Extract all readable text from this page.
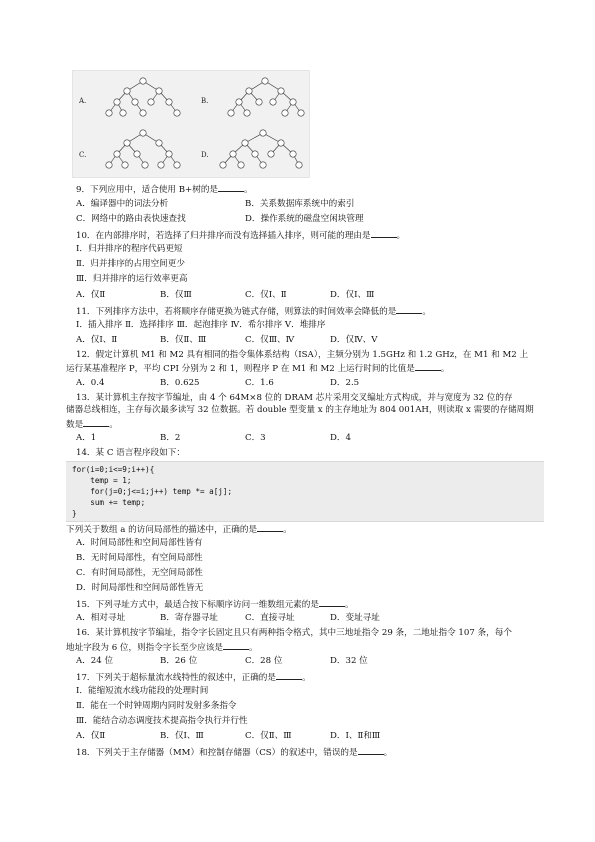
A.	B.
C.	D.
9．下列应用中，适合使用 B+树的是	。
A．编译器中的词法分析	B．关系数据库系统中的索引
C．网络中的路由表快速查找	D．操作系统的磁盘空闲块管理
10．在内部排序时，若选择了归并排序而没有选择插入排序，则可能的理由是	。
Ⅰ．归并排序的程序代码更短
Ⅱ．归并排序的占用空间更少
Ⅲ．归并排序的运行效率更高
A．仅Ⅱ	B．仅Ⅲ	C．仅Ⅰ、Ⅱ	D．仅Ⅰ、Ⅲ
11．下列排序方法中，若将顺序存储更换为链式存储，则算法的时间效率会降低的是	。
Ⅰ．插入排序 Ⅱ．选择排序 Ⅲ．起泡排序 Ⅳ．希尔排序 Ⅴ．堆排序
A．仅Ⅰ、Ⅱ	B．仅Ⅱ、Ⅲ	C．仅Ⅲ、Ⅳ	D．仅Ⅳ、Ⅴ
12．假定计算机 M1 和 M2 具有相同的指令集体系结构（ISA），主频分别为 1.5GHz 和 1.2 GHz，在 M1 和 M2 上
运行某基准程序 P，平均 CPI 分别为 2 和 1，则程序 P 在 M1 和 M2 上运行时间的比值是	。
A．0.4	B．0.625	C．1.6	D．2.5
13．某计算机主存按字节编址，由 4 个 64M×8 位的 DRAM 芯片采用交叉编址方式构成，并与宽度为 32 位的存
储器总线相连，主存每次最多读写 32 位数据。若 double 型变量 x 的主存地址为 804 001AH，则读取 x 需要的存储周期
数是	。
A．1	B．2	C．3	D．4
14．某 C 语言程序段如下：
for(i=0;i<=9;i++){
temp = 1;
for(j=0;j<=i;j++) temp *= a[j];
sum += temp;
}
下列关于数组 a 的访问局部性的描述中，正确的是	。
A．时间局部性和空间局部性皆有
B．无时间局部性，有空间局部性
C．有时间局部性，无空间局部性
D．时间局部性和空间局部性皆无
15．下列寻址方式中，最适合按下标顺序访问一维数组元素的是	。
A．相对寻址	B．寄存器寻址	C．直接寻址	D．变址寻址
16．某计算机按字节编址，指令字长固定且只有两种指令格式，其中三地址指令 29 条，二地址指令 107 条，每个
地址字段为 6 位，则指令字长至少应该是	。
A．24 位	B．26 位	C．28 位	D．32 位
17．下列关于超标量流水线特性的叙述中，正确的是	。
Ⅰ．能缩短流水线功能段的处理时间
Ⅱ．能在一个时钟周期内同时发射多条指令
Ⅲ．能结合动态调度技术提高指令执行并行性
A．仅Ⅱ	B．仅Ⅰ、Ⅲ	C．仅Ⅱ、Ⅲ	D．Ⅰ、Ⅱ和Ⅲ
18．下列关于主存储器（MM）和控制存储器（CS）的叙述中，错误的是	。
